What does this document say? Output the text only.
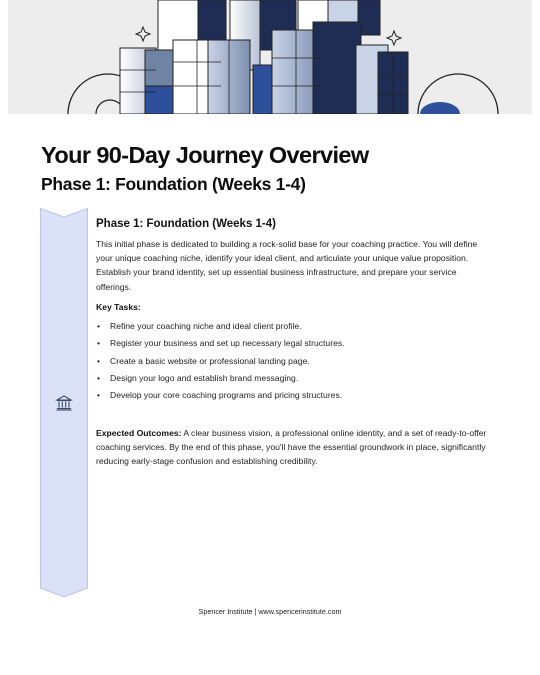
Your 90-Day Journey Overview
Phase 1: Foundation (Weeks 1-4)
Phase 1: Foundation (Weeks 1-4)

This initial phase is dedicated to building a rock-solid base for your coaching practice. You will define your unique coaching niche, identify your ideal client, and articulate your unique value proposition. Establish your brand identity, set up essential business infrastructure, and prepare your service offerings.

Key Tasks:
• Refine your coaching niche and ideal client profile.
• Register your business and set up necessary legal structures.
• Create a basic website or professional landing page.
• Design your logo and establish brand messaging.
• Develop your core coaching programs and pricing structures.

Expected Outcomes: A clear business vision, a professional online identity, and a set of ready-to-offer coaching services. By the end of this phase, you'll have the essential groundwork in place, significantly reducing early-stage confusion and establishing credibility.

Spencer Institute | www.spencerinstitute.com
